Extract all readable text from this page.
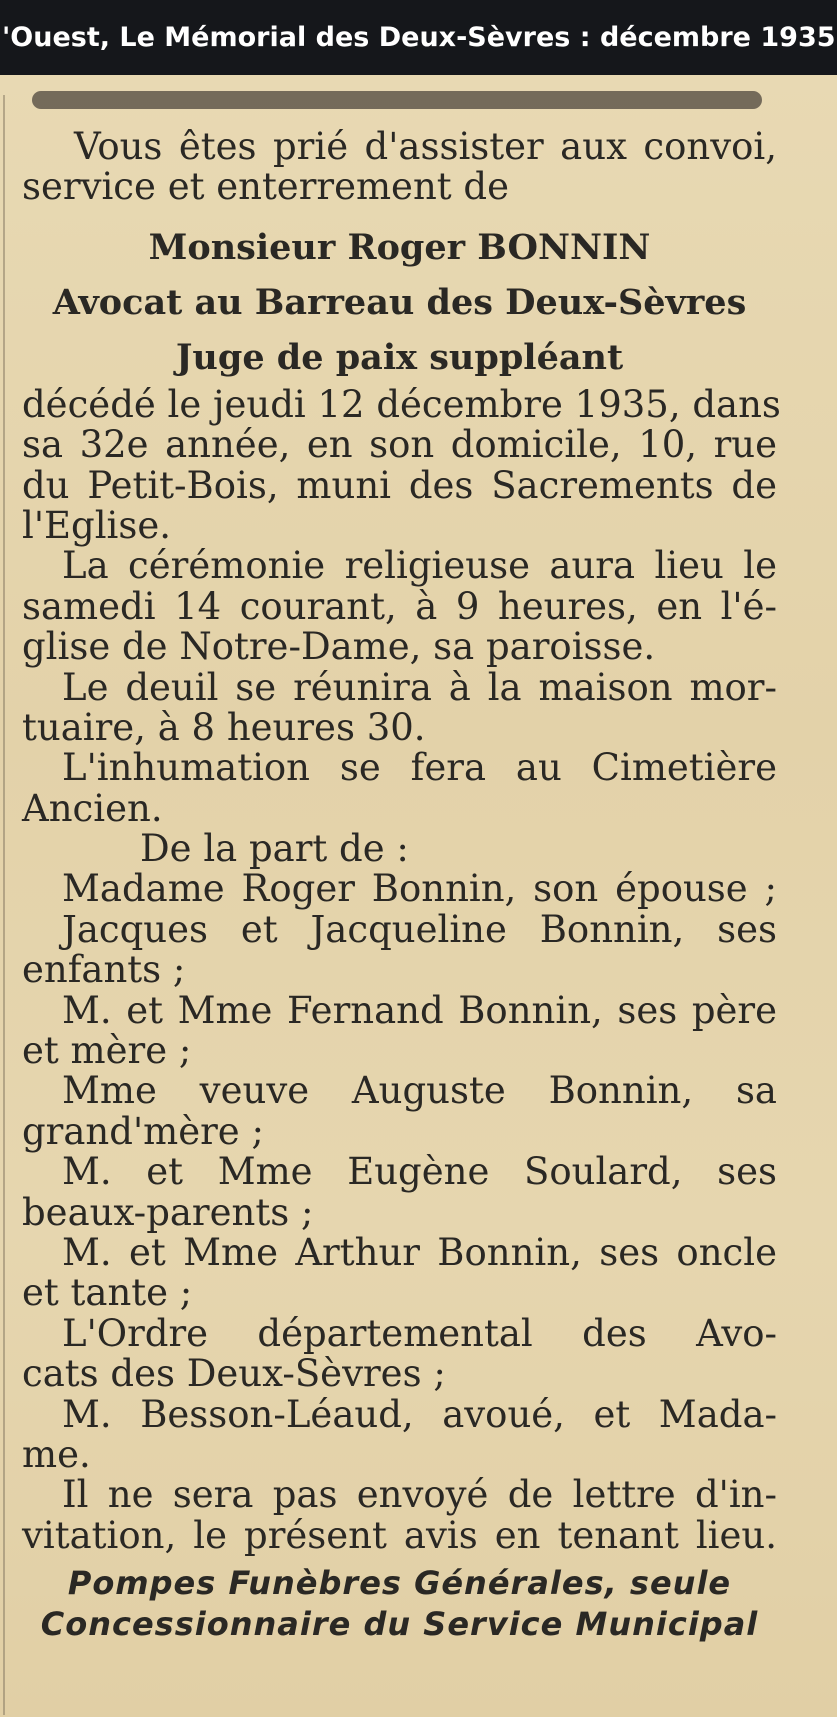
'Ouest, Le Mémorial des Deux-Sèvres : décembre 1935
Vous êtes prié d'assister aux convoi,
service et enterrement de
Monsieur Roger BONNIN
Avocat au Barreau des Deux-Sèvres
Juge de paix suppléant
décédé le jeudi 12 décembre 1935, dans
sa 32e année, en son domicile, 10, rue
du Petit-Bois, muni des Sacrements de
l'Eglise.
La cérémonie religieuse aura lieu le
samedi 14 courant, à 9 heures, en l'é-
glise de Notre-Dame, sa paroisse.
Le deuil se réunira à la maison mor-
tuaire, à 8 heures 30.
L'inhumation se fera au Cimetière
Ancien.
De la part de :
Madame Roger Bonnin, son épouse ;
Jacques et Jacqueline Bonnin, ses
enfants ;
M. et Mme Fernand Bonnin, ses père
et mère ;
Mme veuve Auguste Bonnin, sa
grand'mère ;
M. et Mme Eugène Soulard, ses
beaux-parents ;
M. et Mme Arthur Bonnin, ses oncle
et tante ;
L'Ordre départemental des Avo-
cats des Deux-Sèvres ;
M. Besson-Léaud, avoué, et Mada-
me.
Il ne sera pas envoyé de lettre d'in-
vitation, le présent avis en tenant lieu.
Pompes Funèbres Générales, seule
Concessionnaire du Service Municipal
